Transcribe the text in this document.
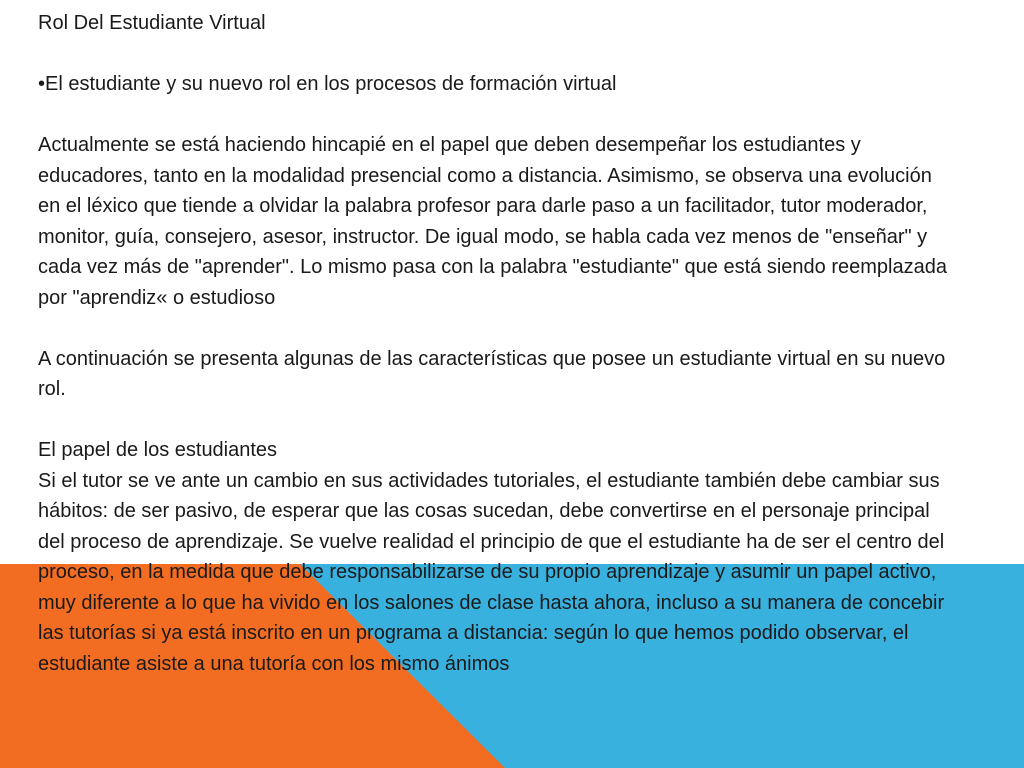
Rol Del Estudiante Virtual

•El estudiante y su nuevo rol en los procesos de formación virtual

Actualmente se está haciendo hincapié en el papel que deben desempeñar los estudiantes y educadores, tanto en la modalidad presencial como a distancia. Asimismo, se observa una evolución en el léxico que tiende a olvidar la palabra profesor para darle paso a un facilitador, tutor moderador, monitor, guía, consejero, asesor, instructor. De igual modo, se habla cada vez menos de "enseñar" y cada vez más de "aprender". Lo mismo pasa con la palabra "estudiante" que está siendo reemplazada por "aprendiz« o estudioso

A continuación se presenta algunas de las características que posee un estudiante virtual en su nuevo rol.

El papel de los estudiantes

Si el tutor se ve ante un cambio en sus actividades tutoriales, el estudiante también debe cambiar sus hábitos: de ser pasivo, de esperar que las cosas sucedan, debe convertirse en el personaje principal del proceso de aprendizaje. Se vuelve realidad el principio de que el estudiante ha de ser el centro del proceso, en la medida que debe responsabilizarse de su propio aprendizaje y asumir un papel activo, muy diferente a lo que ha vivido en los salones de clase hasta ahora, incluso a su manera de concebir las tutorías si ya está inscrito en un programa a distancia: según lo que hemos podido observar, el estudiante asiste a una tutoría con los mismo ánimos
